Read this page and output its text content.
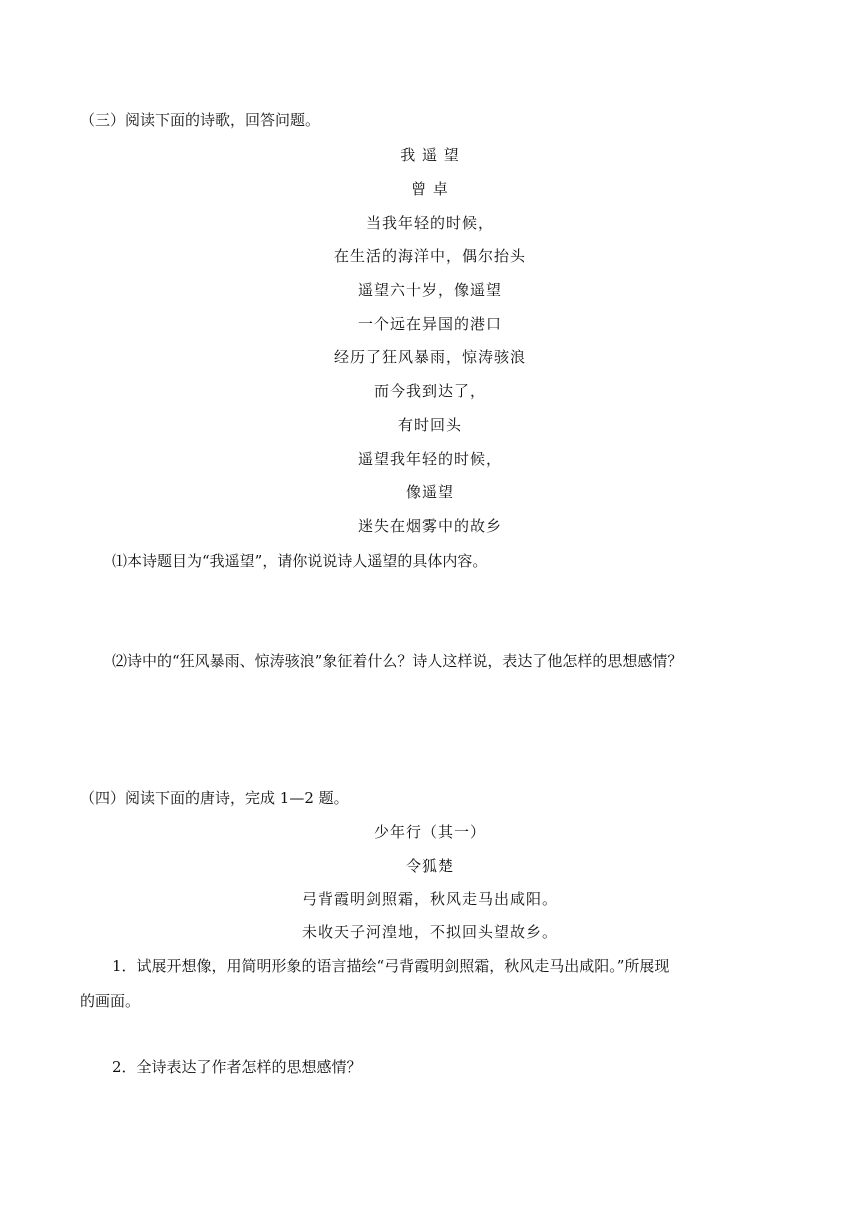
（三）阅读下面的诗歌，回答问题。
我 遥 望
曾 卓
当我年轻的时候，
在生活的海洋中，偶尔抬头
遥望六十岁，像遥望
一个远在异国的港口
经历了狂风暴雨，惊涛骇浪
而今我到达了，
有时回头
遥望我年轻的时候，
像遥望
迷失在烟雾中的故乡
⑴本诗题目为“我遥望”，请你说说诗人遥望的具体内容。
⑵诗中的“狂风暴雨、惊涛骇浪”象征着什么？诗人这样说，表达了他怎样的思想感情？
（四）阅读下面的唐诗，完成 1—2 题。
少年行（其一）
令狐楚
弓背霞明剑照霜，秋风走马出咸阳。
未收天子河湟地，不拟回头望故乡。
1．试展开想像，用简明形象的语言描绘“弓背霞明剑照霜，秋风走马出咸阳。”所展现
的画面。
2．全诗表达了作者怎样的思想感情？
